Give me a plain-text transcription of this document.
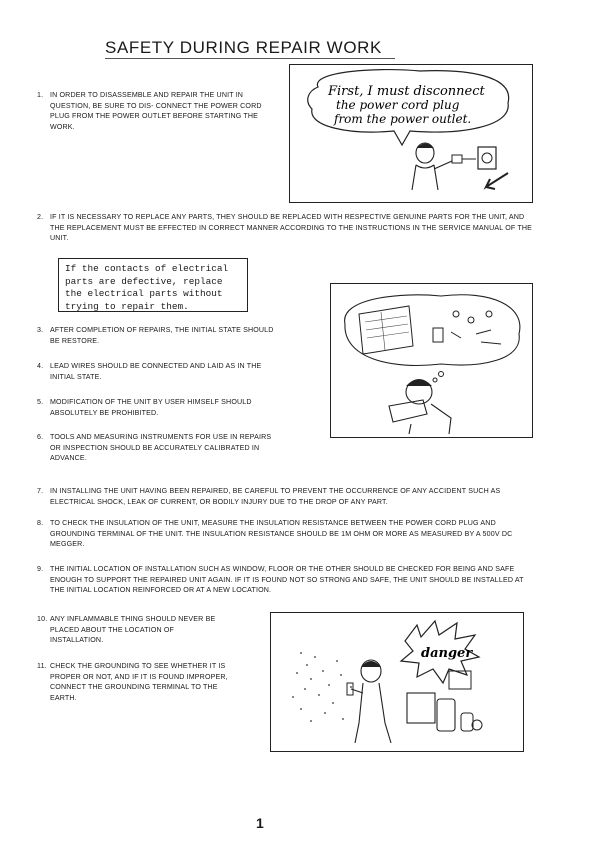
SAFETY DURING REPAIR WORK
1. IN ORDER TO DISASSEMBLE AND REPAIR THE UNIT IN QUESTION, BE SURE TO DIS- CONNECT THE POWER CORD PLUG FROM THE POWER OUTLET BEFORE STARTING THE WORK.
First, I must disconnect
the power cord plug
from the power outlet.
2. IF IT IS NECESSARY TO REPLACE ANY PARTS, THEY SHOULD BE REPLACED WITH RESPECTIVE GENUINE PARTS FOR THE UNIT, AND THE REPLACEMENT MUST BE EFFECTED IN CORRECT MANNER ACCORDING TO THE INSTRUCTIONS IN THE SERVICE MANUAL OF THE UNIT.
If the contacts of electrical
parts are defective, replace
the electrical parts without
trying to repair them.
3. AFTER COMPLETION OF REPAIRS, THE INITIAL STATE SHOULD BE RESTORE.
4. LEAD WIRES SHOULD BE CONNECTED AND LAID AS IN THE INITIAL STATE.
5. MODIFICATION OF THE UNIT BY USER HIMSELF SHOULD ABSOLUTELY BE PROHIBITED.
6. TOOLS AND MEASURING INSTRUMENTS FOR USE IN REPAIRS OR INSPECTION SHOULD BE ACCURATELY CALIBRATED IN ADVANCE.
7. IN INSTALLING THE UNIT HAVING BEEN REPAIRED, BE CAREFUL TO PREVENT THE OCCURRENCE OF ANY ACCIDENT SUCH AS ELECTRICAL SHOCK, LEAK OF CURRENT, OR BODILY INJURY DUE TO THE DROP OF ANY PART.
8. TO CHECK THE INSULATION OF THE UNIT, MEASURE THE INSULATION RESISTANCE BETWEEN THE POWER CORD PLUG AND GROUNDING TERMINAL OF THE UNIT. THE INSULATION RESISTANCE SHOULD BE 1M OHM OR MORE AS MEASURED BY A 500V DC MEGGER.
9. THE INITIAL LOCATION OF INSTALLATION SUCH AS WINDOW, FLOOR OR THE OTHER SHOULD BE CHECKED FOR BEING AND SAFE ENOUGH TO SUPPORT THE REPAIRED UNIT AGAIN. IF IT IS FOUND NOT SO STRONG AND SAFE, THE UNIT SHOULD BE INSTALLED AT THE INITIAL LOCATION REINFORCED OR AT A NEW LOCATION.
10. ANY INFLAMMABLE THING SHOULD NEVER BE PLACED ABOUT THE LOCATION OF INSTALLATION.
11. CHECK THE GROUNDING TO SEE WHETHER IT IS PROPER OR NOT, AND IF IT IS FOUND IMPROPER, CONNECT THE GROUNDING TERMINAL TO THE EARTH.
danger
1
